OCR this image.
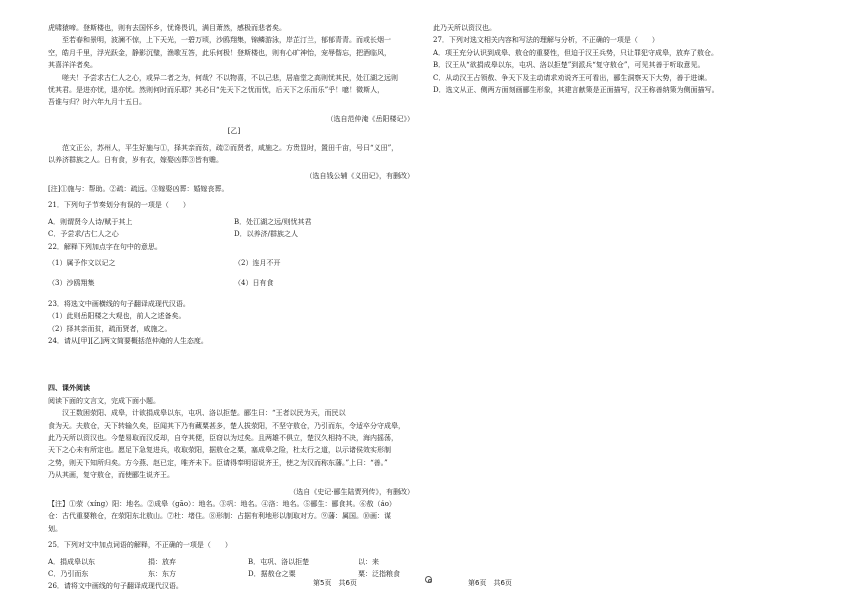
虎啸猿啼。登斯楼也，则有去国怀乡，忧谗畏讥，满目萧然，感极而悲者矣。
至若春和景明，波澜不惊，上下天光，一碧万顷，沙鸥翔集，锦鳞游泳，岸芷汀兰，郁郁青青。而或长烟一
空，皓月千里，浮光跃金，静影沉璧，渔歌互答，此乐何极！登斯楼也，则有心旷神怡，宠辱偕忘，把酒临风，
其喜洋洋者矣。
嗟夫！予尝求古仁人之心，或异二者之为，何哉？不以物喜，不以己悲，居庙堂之高则忧其民，处江湖之远则
忧其君。是进亦忧，退亦忧。然则何时而乐耶？其必曰“先天下之忧而忧，后天下之乐而乐”乎！噫！微斯人，
吾谁与归？时六年九月十五日。
（选自范仲淹《岳阳楼记》）
[乙]
范文正公，苏州人，平生好施与①，择其亲而贫，疏②而贤者，咸施之。方贵显时，置田千亩，号曰“义田”，
以养济群族之人。日有食，岁有衣，嫁娶凶葬③皆有赡。
（选自钱公辅《义田记》，有删改）
[注]①施与：帮助。②疏：疏远。③嫁娶凶葬：婚嫁丧葬。
21．下列句子节奏划分有误的一项是（　　）
A．则谓贤今人诗/赋于其上	B．处江湖之远/则忧其君
C．予尝求/古仁人之心	D．以养济/群族之人
22．解释下列加点字在句中的意思。
（1）属予作文以记之	（2）连月不开
（3）沙鸥翔集	（4）日有食
23．将选文中画横线的句子翻译成现代汉语。
（1）此则岳阳楼之大观也，前人之述备矣。
（2）择其亲而贫，疏而贤者，咸施之。
24．请从[甲][乙]两文简要概括范仲淹的人生态度。
四、课外阅读
阅读下面的文言文，完成下面小题。
汉王数困荥阳、成皋，计欲捐成皋以东，屯巩、洛以拒楚。郦生曰：“王者以民为天，而民以
食为天。夫敖仓，天下转输久矣，臣闻其下乃有藏粟甚多，楚人拔荥阳，不坚守敖仓，乃引而东，令适卒分守成皋，
此乃天所以资汉也。今楚易取而汉反却，自夺其便，臣窃以为过矣。且两雄不俱立，楚汉久相持不决，海内摇荡，
天下之心未有所定也。愿足下急复进兵，收取荥阳，据敖仓之粟，塞成皋之险，杜太行之道，以示诸侯效实形制
之势，则天下知所归矣。方今燕、赵已定，唯齐未下。臣请得奉明诏说齐王，使之为汉而称东藩。”上曰：“善。”
乃从其画，复守敖仓，而使郦生说齐王。
（选自《史记·郦生陆贾列传》，有删改）
【注】①荥（xíng）阳：地名。②成皋（gāo）：地名。③巩：地名。④洛：地名。⑤郦生：郦食其。⑥敖（áo）
仓：古代重要粮仓，在荥阳东北敖山。⑦杜：堵住。⑧形制：占据有利地形以制取对方。⑨藩：属国。⑩画：谋
划。
25．下列对文中加点词语的解释，不正确的一项是（　　）
A．捐成皋以东	捐：放弃	B．屯巩、洛以拒楚	以：来
C．乃引而东	东：东方	D．据敖仓之粟	粟：泛指粮食
26．请将文中画线的句子翻译成现代汉语。
此乃天所以资汉也。
27．下列对选文相关内容和写法的理解与分析，不正确的一项是（　　）
A．项王充分认识到成皋、敖仓的重要性，但迫于汉王兵势，只让罪犯守成皋，放弃了敖仓。
B．汉王从“欲捐成皋以东，屯巩、洛以拒楚”到派兵“复守敖仓”，可见其善于听取意见。
C．从动汉王占领敖、争天下及主动请求劝说齐王可看出，郦生洞察天下大势，善于进谏。
D．选文从正、侧两方面刻画郦生形象，其建言献策是正面描写，汉王称善纳策为侧面描写。
第5页　共6页	第6页　共6页
